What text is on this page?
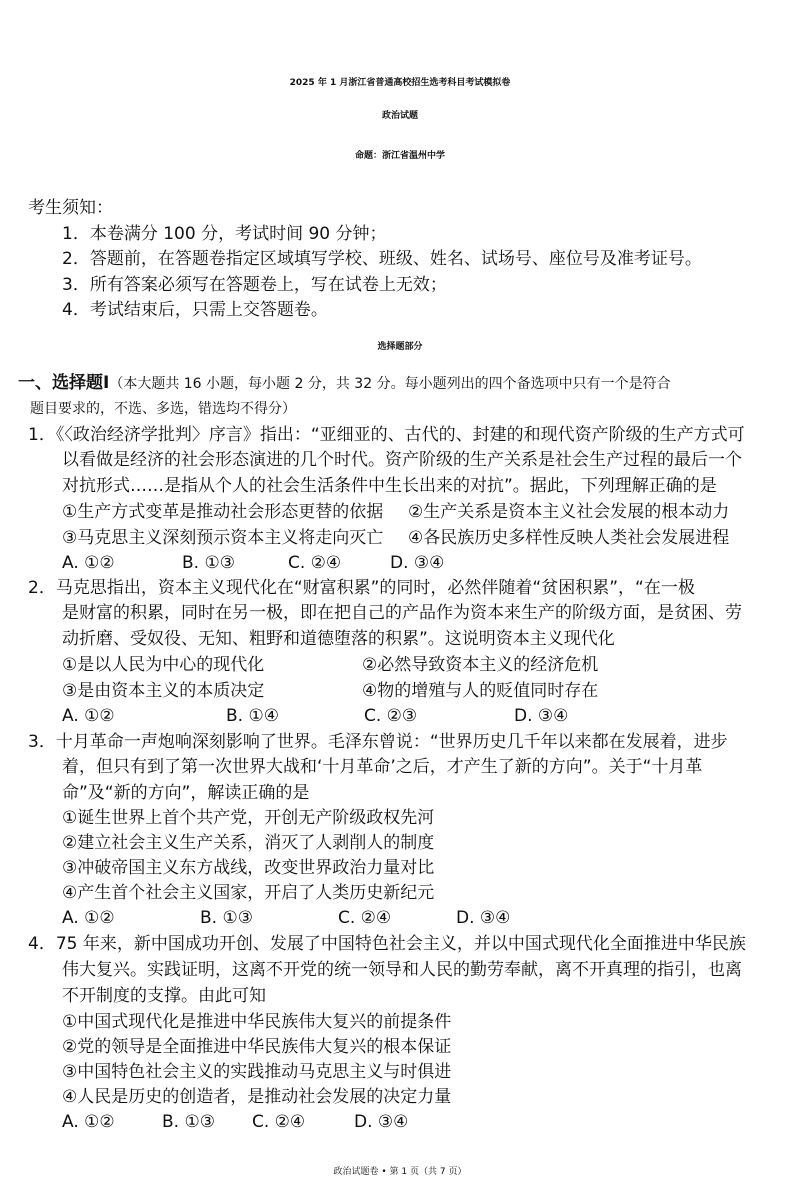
2025 年 1 月浙江省普通高校招生选考科目考试模拟卷
政治试题
命题：浙江省温州中学
考生须知：
1．本卷满分 100 分，考试时间 90 分钟；
2．答题前，在答题卷指定区域填写学校、班级、姓名、试场号、座位号及准考证号。
3．所有答案必须写在答题卷上，写在试卷上无效；
4．考试结束后，只需上交答题卷。
选择题部分
一、选择题Ⅰ（本大题共 16 小题，每小题 2 分，共 32 分。每小题列出的四个备选项中只有一个是符合
题目要求的，不选、多选，错选均不得分）
1．《〈政治经济学批判〉序言》指出：“亚细亚的、古代的、封建的和现代资产阶级的生产方式可
以看做是经济的社会形态演进的几个时代。资产阶级的生产关系是社会生产过程的最后一个
对抗形式……是指从个人的社会生活条件中生长出来的对抗”。据此，下列理解正确的是
①生产方式变革是推动社会形态更替的依据 ②生产关系是资本主义社会发展的根本动力
③马克思主义深刻预示资本主义将走向灭亡 ④各民族历史多样性反映人类社会发展进程
A. ①②	B. ①③	C. ②④	D. ③④
2．马克思指出，资本主义现代化在“财富积累”的同时，必然伴随着“贫困积累”，“在一极
是财富的积累，同时在另一极，即在把自己的产品作为资本来生产的阶级方面，是贫困、劳
动折磨、受奴役、无知、粗野和道德堕落的积累”。这说明资本主义现代化
①是以人民为中心的现代化	②必然导致资本主义的经济危机
③是由资本主义的本质决定	④物的增殖与人的贬值同时存在
A. ①②	B. ①④	C. ②③	D. ③④
3．十月革命一声炮响深刻影响了世界。毛泽东曾说：“世界历史几千年以来都在发展着，进步
着，但只有到了第一次世界大战和‘十月革命’之后，才产生了新的方向”。关于“十月革
命”及“新的方向”，解读正确的是
①诞生世界上首个共产党，开创无产阶级政权先河
②建立社会主义生产关系，消灭了人剥削人的制度
③冲破帝国主义东方战线，改变世界政治力量对比
④产生首个社会主义国家，开启了人类历史新纪元
A. ①②	B. ①③	C. ②④	D. ③④
4．75 年来，新中国成功开创、发展了中国特色社会主义，并以中国式现代化全面推进中华民族
伟大复兴。实践证明，这离不开党的统一领导和人民的勤劳奉献，离不开真理的指引，也离
不开制度的支撑。由此可知
①中国式现代化是推进中华民族伟大复兴的前提条件
②党的领导是全面推进中华民族伟大复兴的根本保证
③中国特色社会主义的实践推动马克思主义与时俱进
④人民是历史的创造者，是推动社会发展的决定力量
A. ①②	B. ①③ C. ②④	D. ③④
政治试题卷 • 第 1 页（共 7 页）
